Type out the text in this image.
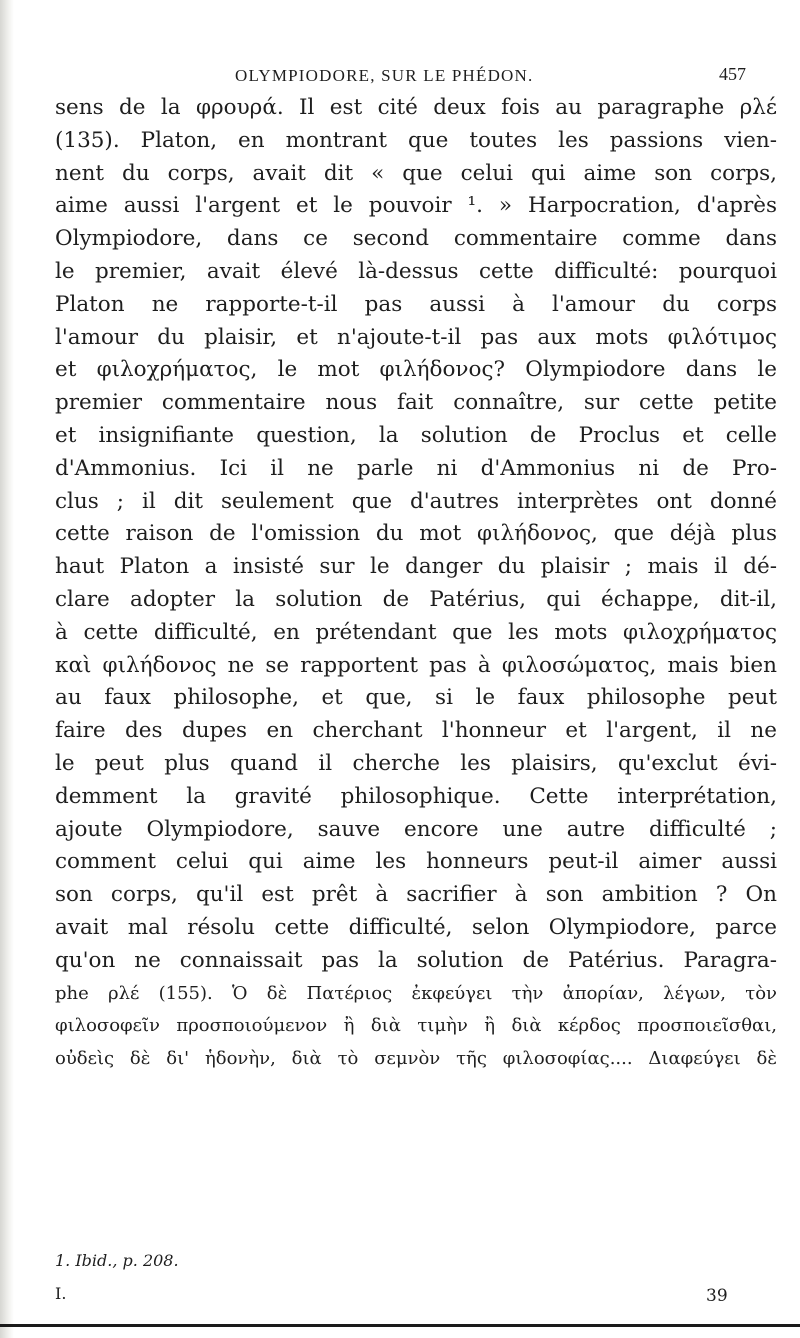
OLYMPIODORE, SUR LE PHÉDON.	457
sens de la φρουρά. Il est cité deux fois au paragraphe ρλέ
(135). Platon, en montrant que toutes les passions vien-
nent du corps, avait dit « que celui qui aime son corps,
aime aussi l'argent et le pouvoir ¹. » Harpocration, d'après
Olympiodore, dans ce second commentaire comme dans
le premier, avait élevé là-dessus cette difficulté: pourquoi
Platon ne rapporte-t-il pas aussi à l'amour du corps
l'amour du plaisir, et n'ajoute-t-il pas aux mots φιλότιμος
et φιλοχρήματος, le mot φιλήδονος? Olympiodore dans le
premier commentaire nous fait connaître, sur cette petite
et insignifiante question, la solution de Proclus et celle
d'Ammonius. Ici il ne parle ni d'Ammonius ni de Pro-
clus ; il dit seulement que d'autres interprètes ont donné
cette raison de l'omission du mot φιλήδονος, que déjà plus
haut Platon a insisté sur le danger du plaisir ; mais il dé-
clare adopter la solution de Patérius, qui échappe, dit-il,
à cette difficulté, en prétendant que les mots φιλοχρήματος
καὶ φιλήδονος ne se rapportent pas à φιλοσώματος, mais bien
au faux philosophe, et que, si le faux philosophe peut
faire des dupes en cherchant l'honneur et l'argent, il ne
le peut plus quand il cherche les plaisirs, qu'exclut évi-
demment la gravité philosophique. Cette interprétation,
ajoute Olympiodore, sauve encore une autre difficulté ;
comment celui qui aime les honneurs peut-il aimer aussi
son corps, qu'il est prêt à sacrifier à son ambition ? On
avait mal résolu cette difficulté, selon Olympiodore, parce
qu'on ne connaissait pas la solution de Patérius. Paragra-
phe ρλέ (155). Ὁ δὲ Πατέριος ἐκφεύγει τὴν ἀπορίαν, λέγων, τὸν
φιλοσοφεῖν προσποιούμενον ἢ διὰ τιμὴν ἢ διὰ κέρδος προσποιεῖσθαι,
οὐδεὶς δὲ δι' ἡδονὴν, διὰ τὸ σεμνὸν τῆς φιλοσοφίας.... Διαφεύγει δὲ
1. Ibid., p. 208.
I.	39
